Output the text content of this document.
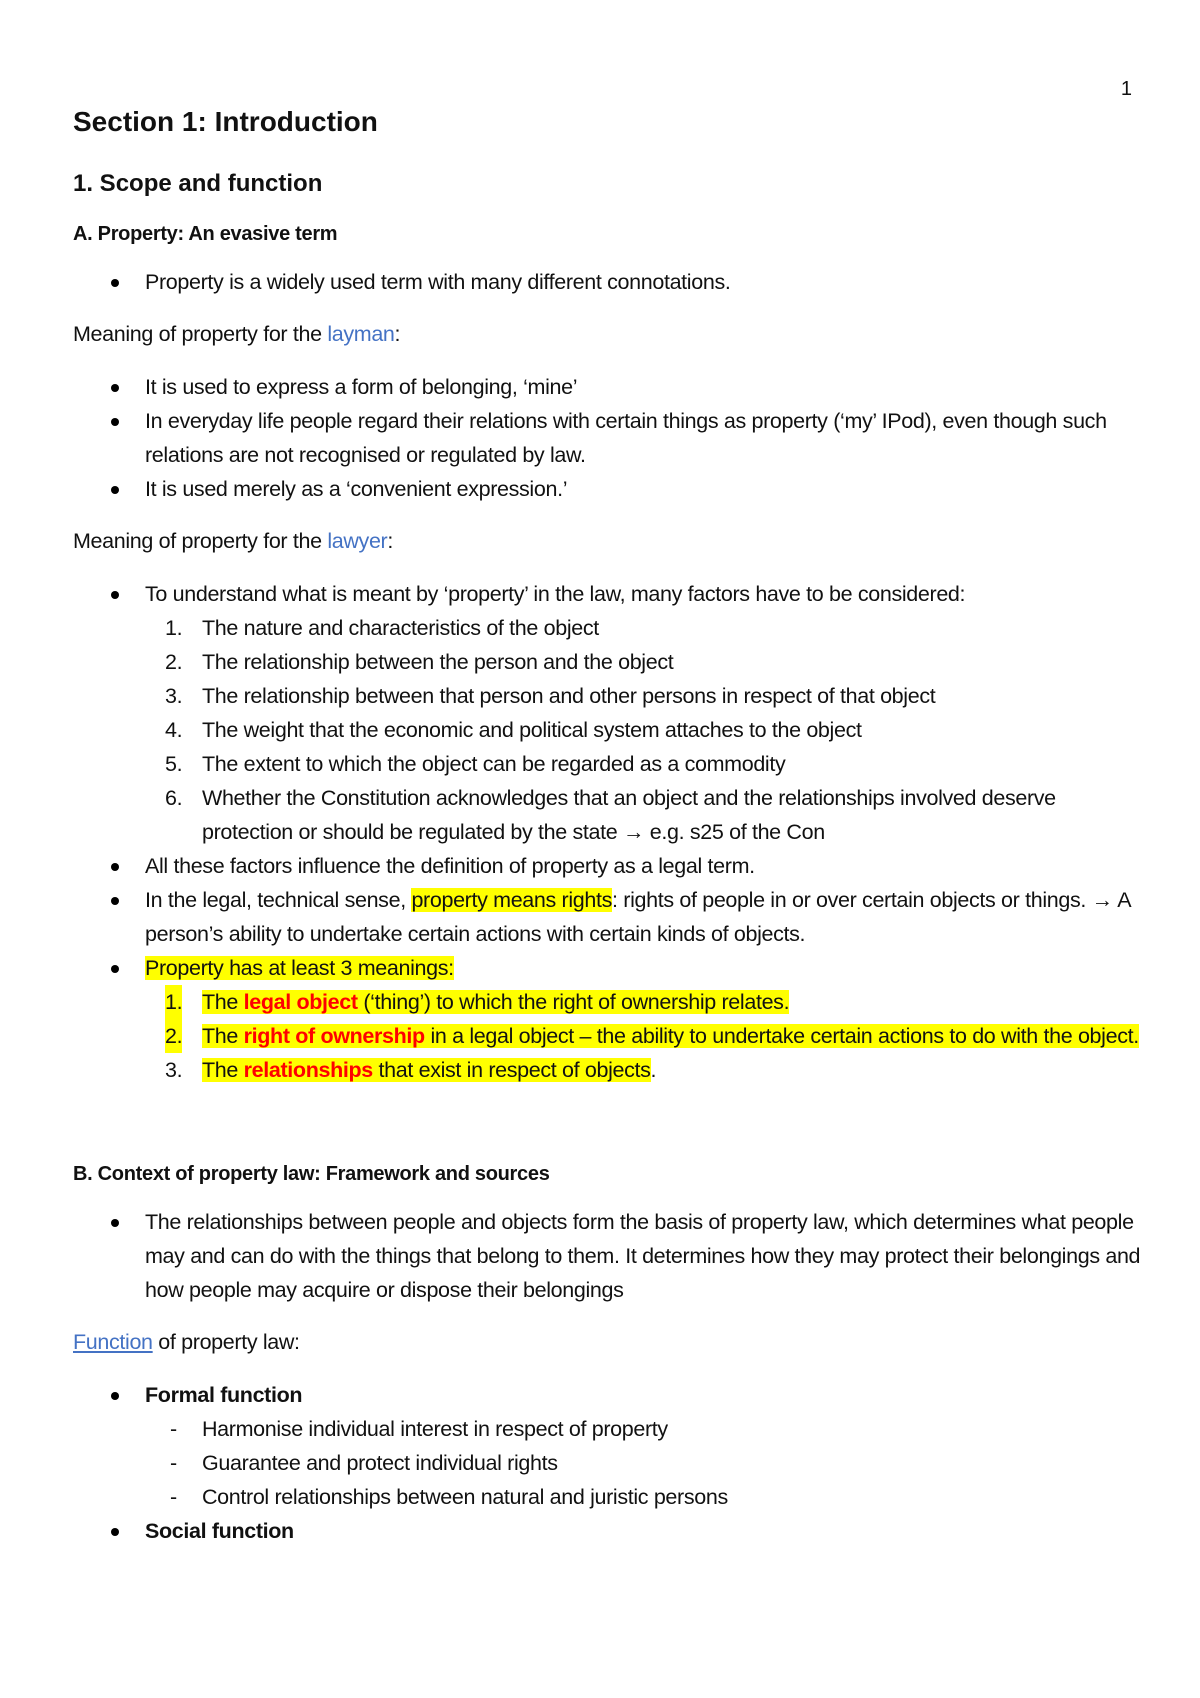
1
Section 1: Introduction
1. Scope and function
A. Property: An evasive term
Property is a widely used term with many different connotations.

Meaning of property for the layman:

It is used to express a form of belonging, ‘mine’
In everyday life people regard their relations with certain things as property (‘my’ IPod), even though such relations are not recognised or regulated by law.
It is used merely as a ‘convenient expression.’

Meaning of property for the lawyer:

To understand what is meant by ‘property’ in the law, many factors have to be considered:
1. The nature and characteristics of the object
2. The relationship between the person and the object
3. The relationship between that person and other persons in respect of that object
4. The weight that the economic and political system attaches to the object
5. The extent to which the object can be regarded as a commodity
6. Whether the Constitution acknowledges that an object and the relationships involved deserve protection or should be regulated by the state → e.g. s25 of the Con
All these factors influence the definition of property as a legal term.
In the legal, technical sense, property means rights: rights of people in or over certain objects or things. → A person’s ability to undertake certain actions with certain kinds of objects.
Property has at least 3 meanings:
1. The legal object (‘thing’) to which the right of ownership relates.
2. The right of ownership in a legal object – the ability to undertake certain actions to do with the object.
3. The relationships that exist in respect of objects.
B. Context of property law: Framework and sources
The relationships between people and objects form the basis of property law, which determines what people may and can do with the things that belong to them. It determines how they may protect their belongings and how people may acquire or dispose their belongings

Function of property law:

Formal function
- Harmonise individual interest in respect of property
- Guarantee and protect individual rights
- Control relationships between natural and juristic persons
Social function
